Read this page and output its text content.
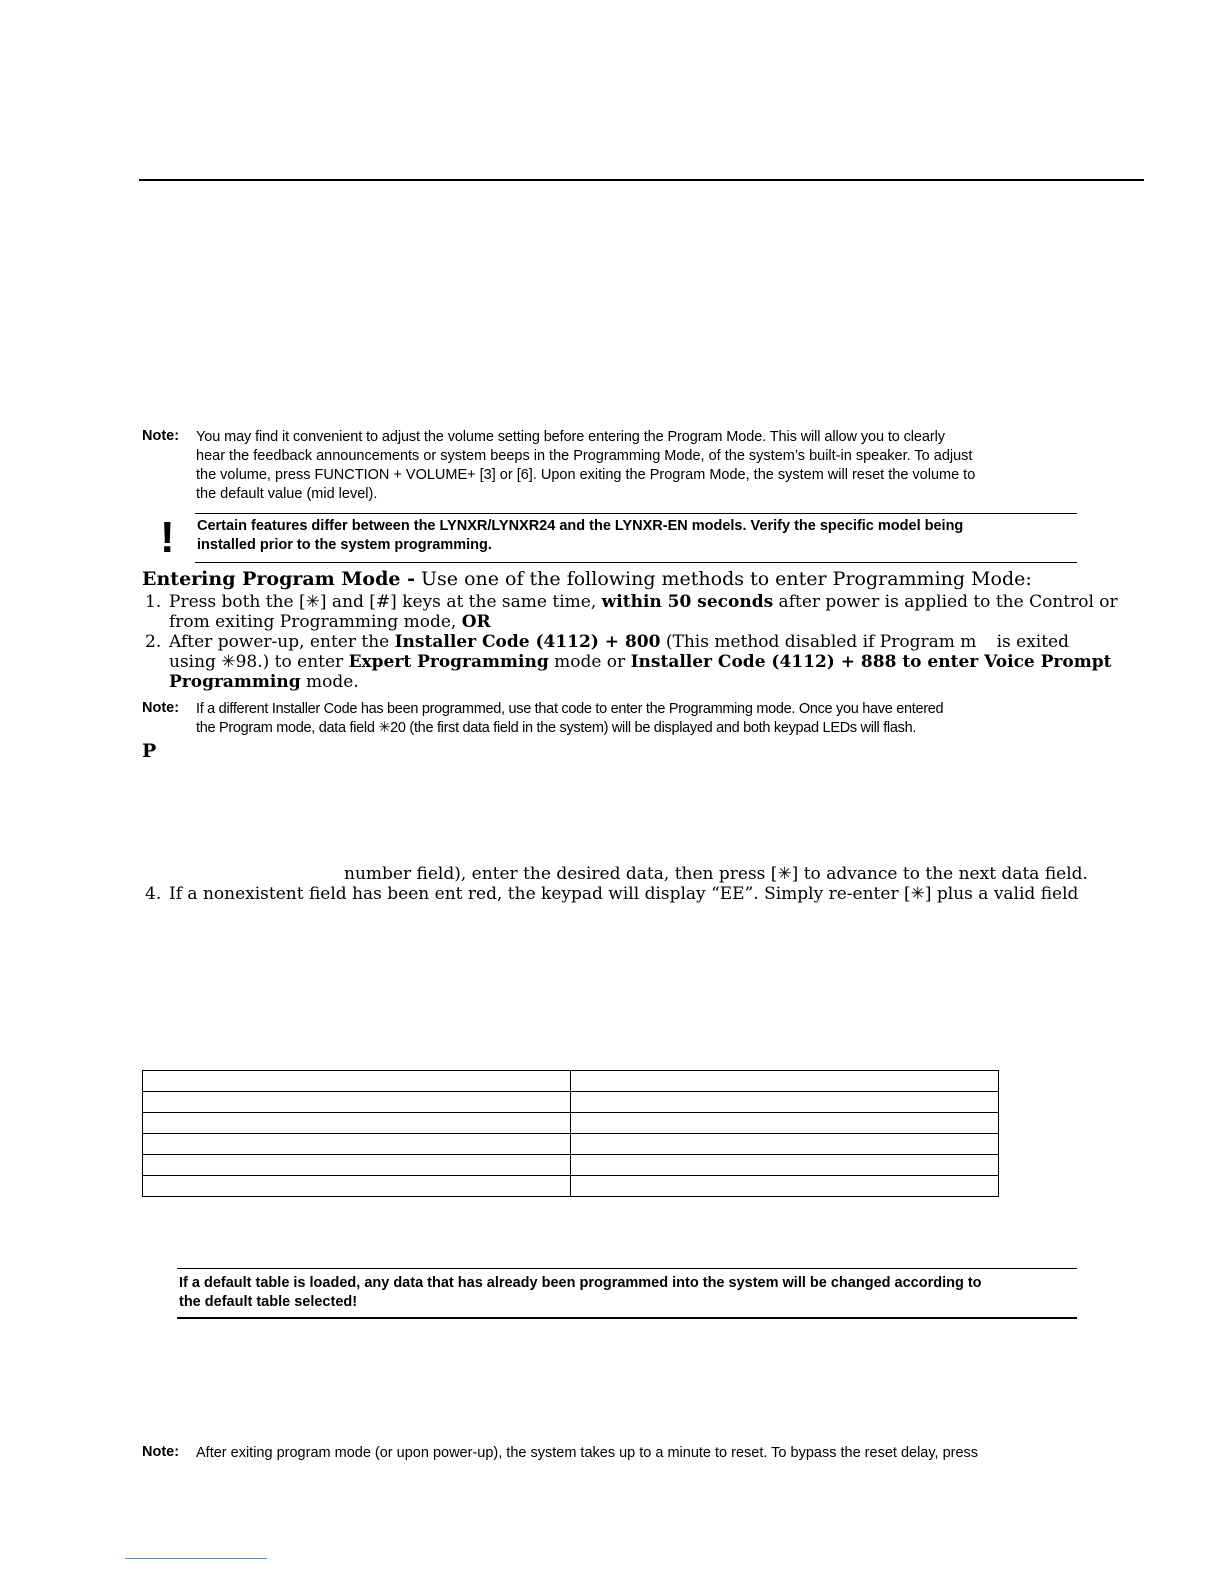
Note: You may find it convenient to adjust the volume setting before entering the Program Mode. This will allow you to clearly
hear the feedback announcements or system beeps in the Programming Mode, of the system’s built-in speaker. To adjust
the volume, press FUNCTION + VOLUME+ [3] or [6]. Upon exiting the Program Mode, the system will reset the volume to
the default value (mid level).
! Certain features differ between the LYNXR/LYNXR24 and the LYNXR-EN models. Verify the specific model being
installed prior to the system programming.
Entering Program Mode - Use one of the following methods to enter Programming Mode:
1. Press both the [✳] and [#] keys at the same time, within 50 seconds after power is applied to the Control or
from exiting Programming mode, OR
2. After power-up, enter the Installer Code (4112) + 800 (This method disabled if Program m is exited
using ✳98.) to enter Expert Programming mode or Installer Code (4112) + 888 to enter Voice Prompt
Programming mode.
Note: If a different Installer Code has been programmed, use that code to enter the Programming mode. Once you have entered
the Program mode, data field ✳20 (the first data field in the system) will be displayed and both keypad LEDs will flash.
P
number field), enter the desired data, then press [✳] to advance to the next data field.
4. If a nonexistent field has been ent red, the keypad will display “EE”. Simply re-enter [✳] plus a valid field

If a default table is loaded, any data that has already been programmed into the system will be changed according to
the default table selected!
Note: After exiting program mode (or upon power-up), the system takes up to a minute to reset. To bypass the reset delay, press
